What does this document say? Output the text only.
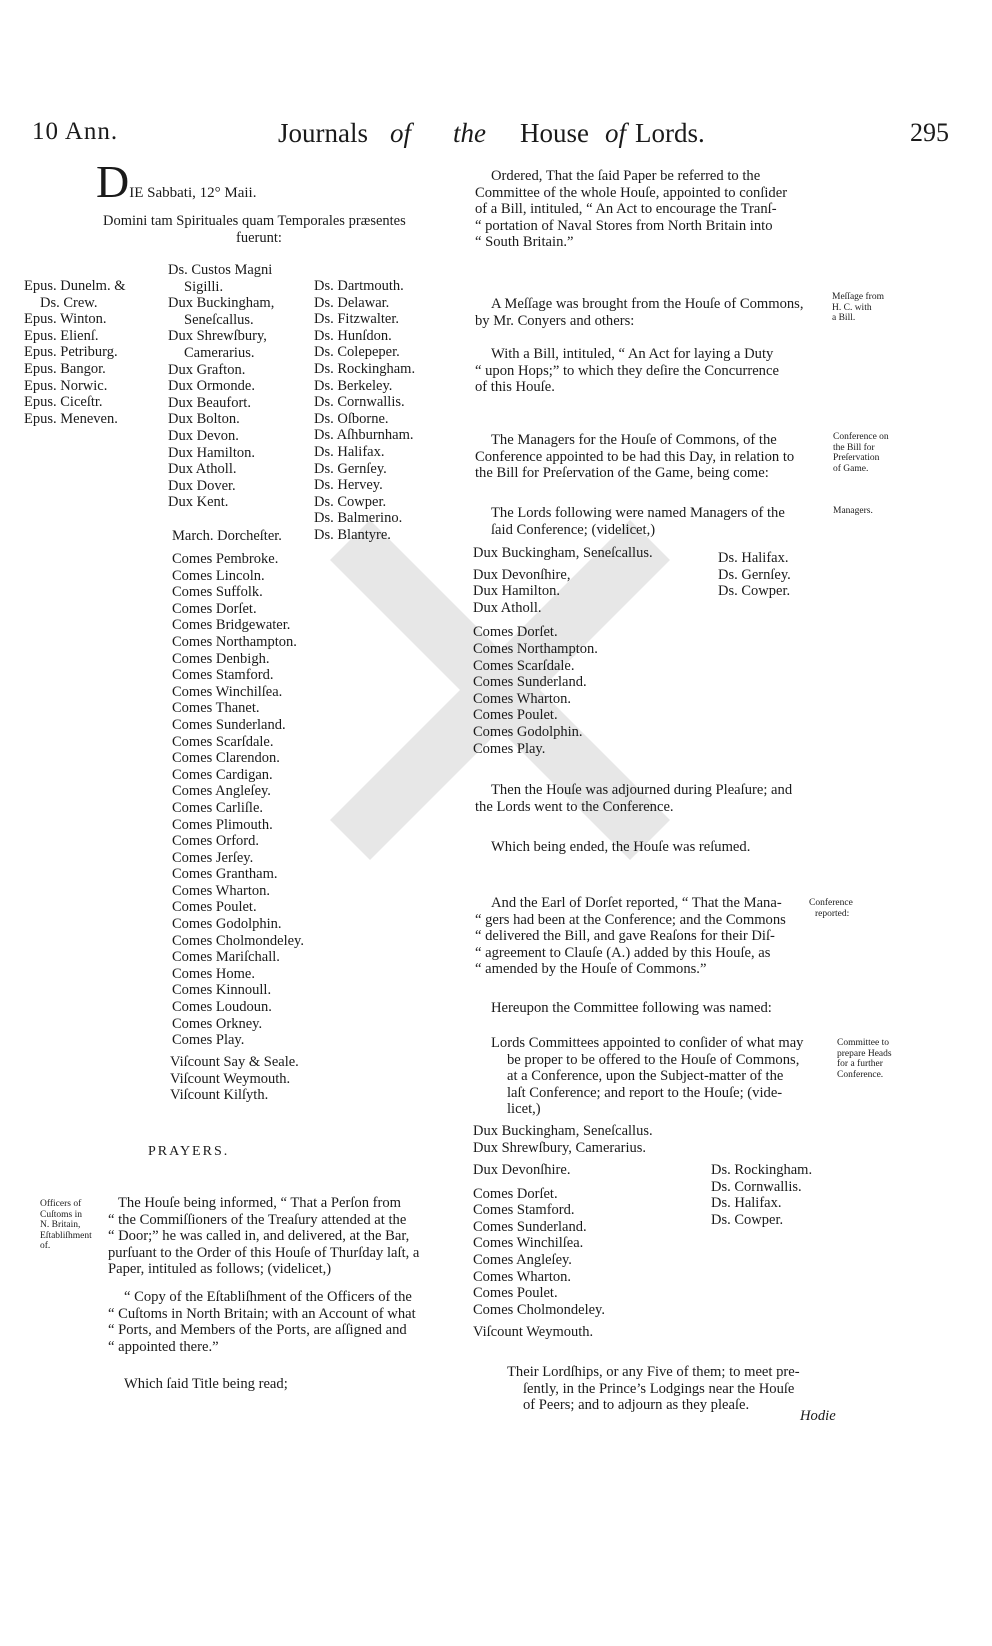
10 Ann.	Journals of the House of Lords.	295
DIE Sabbati, 12° Maii.
Domini tam Spirituales quam Temporales præsentes
fuerunt:
Epus. Dunelm. &
Ds. Crew.
Epus. Winton.
Epus. Elienſ.
Epus. Petriburg.
Epus. Bangor.
Epus. Norwic.
Epus. Ciceſtr.
Epus. Meneven.
Ds. Custos Magni
Sigilli.
Dux Buckingham,
Seneſcallus.
Dux Shrewſbury,
Camerarius.
Dux Grafton.
Dux Ormonde.
Dux Beaufort.
Dux Bolton.
Dux Devon.
Dux Hamilton.
Dux Atholl.
Dux Dover.
Dux Kent.
March. Dorcheſter.
Comes Pembroke.
Comes Lincoln.
Comes Suffolk.
Comes Dorſet.
Comes Bridgewater.
Comes Northampton.
Comes Denbigh.
Comes Stamford.
Comes Winchilſea.
Comes Thanet.
Comes Sunderland.
Comes Scarſdale.
Comes Clarendon.
Comes Cardigan.
Comes Angleſey.
Comes Carliſle.
Comes Plimouth.
Comes Orford.
Comes Jerſey.
Comes Grantham.
Comes Wharton.
Comes Poulet.
Comes Godolphin.
Comes Cholmondeley.
Comes Mariſchall.
Comes Home.
Comes Kinnoull.
Comes Loudoun.
Comes Orkney.
Comes Play.
Viſcount Say & Seale.
Viſcount Weymouth.
Viſcount Kilſyth.
Ds. Dartmouth.
Ds. Delawar.
Ds. Fitzwalter.
Ds. Hunſdon.
Ds. Colepeper.
Ds. Rockingham.
Ds. Berkeley.
Ds. Cornwallis.
Ds. Oſborne.
Ds. Aſhburnham.
Ds. Halifax.
Ds. Gernſey.
Ds. Hervey.
Ds. Cowper.
Ds. Balmerino.
Ds. Blantyre.
PRAYERS.
Officers of
Cuſtoms in
N. Britain,
Eſtabliſhment
of.
The Houſe being informed, “ That a Perſon from
“ the Commiſſioners of the Treaſury attended at the
“ Door;” he was called in, and delivered, at the Bar,
purſuant to the Order of this Houſe of Thurſday laſt, a
Paper, intituled as follows; (videlicet,)
“ Copy of the Eſtabliſhment of the Officers of the
“ Cuſtoms in North Britain; with an Account of what
“ Ports, and Members of the Ports, are aſſigned and
“ appointed there.”
Which ſaid Title being read;
Ordered, That the ſaid Paper be referred to the
Committee of the whole Houſe, appointed to conſider
of a Bill, intituled, “ An Act to encourage the Tranſ-
“ portation of Naval Stores from North Britain into
“ South Britain.”
Meſſage from
H. C. with
a Bill.
A Meſſage was brought from the Houſe of Commons,
by Mr. Conyers and others:
With a Bill, intituled, “ An Act for laying a Duty
“ upon Hops;” to which they deſire the Concurrence
of this Houſe.
Conference on
the Bill for
Preſervation
of Game.
The Managers for the Houſe of Commons, of the
Conference appointed to be had this Day, in relation to
the Bill for Preſervation of the Game, being come:
Managers.
The Lords following were named Managers of the
ſaid Conference; (videlicet,)
Dux Buckingham, Seneſcallus.
Dux Devonſhire,
Dux Hamilton.
Dux Atholl.
Comes Dorſet.
Comes Northampton.
Comes Scarſdale.
Comes Sunderland.
Comes Wharton.
Comes Poulet.
Comes Godolphin.
Comes Play.
Ds. Halifax.
Ds. Gernſey.
Ds. Cowper.
Then the Houſe was adjourned during Pleaſure; and
the Lords went to the Conference.
Which being ended, the Houſe was reſumed.
Conference
reported:
And the Earl of Dorſet reported, “ That the Mana-
“ gers had been at the Conference; and the Commons
“ delivered the Bill, and gave Reaſons for their Diſ-
“ agreement to Clauſe (A.) added by this Houſe, as
“ amended by the Houſe of Commons.”
Hereupon the Committee following was named:
Committee to
prepare Heads
for a further
Conference.
Lords Committees appointed to conſider of what may
be proper to be offered to the Houſe of Commons,
at a Conference, upon the Subject-matter of the
laſt Conference; and report to the Houſe; (vide-
licet,)
Dux Buckingham, Seneſcallus.
Dux Shrewſbury, Camerarius.
Dux Devonſhire.
Comes Dorſet.
Comes Stamford.
Comes Sunderland.
Comes Winchilſea.
Comes Angleſey.
Comes Wharton.
Comes Poulet.
Comes Cholmondeley.
Viſcount Weymouth.
Ds. Rockingham.
Ds. Cornwallis.
Ds. Halifax.
Ds. Cowper.
Their Lordſhips, or any Five of them; to meet pre-
ſently, in the Prince’s Lodgings near the Houſe
of Peers; and to adjourn as they pleaſe.
Hodie
